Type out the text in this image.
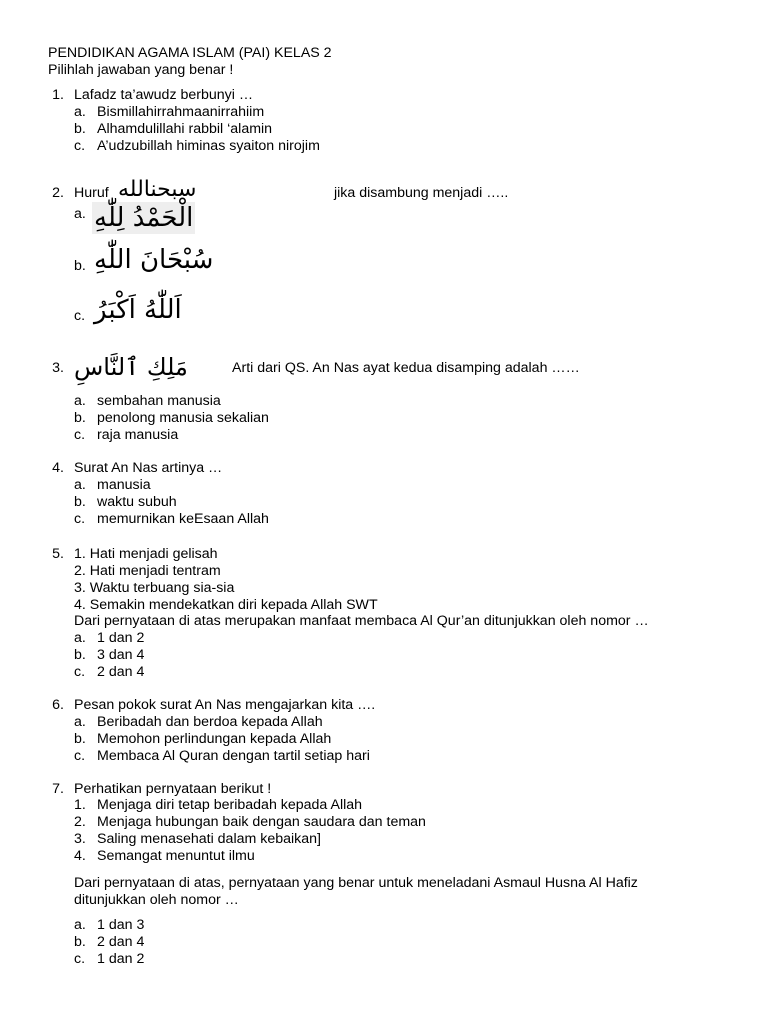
PENDIDIKAN AGAMA ISLAM (PAI) KELAS 2
Pilihlah jawaban yang benar !
1. Lafadz ta’awudz berbunyi …
a. Bismillahirrahmaanirrahiim
b. Alhamdulillahi rabbil ‘alamin
c. A’udzubillah himinas syaiton nirojim
2. Huruf سبحنالله	jika disambung menjadi …..
a. الْحَمْدُ لِلّٰهِ
b. سُبْحَانَ اللّٰهِ
c. اَللّٰهُ اَكْبَرُ
3. مَلِكِ ٱلنَّاسِ	Arti dari QS. An Nas ayat kedua disamping adalah ……
a. sembahan manusia
b. penolong manusia sekalian
c. raja manusia
4. Surat An Nas artinya …
a. manusia
b. waktu subuh
c. memurnikan keEsaan Allah
5. 1. Hati menjadi gelisah
2. Hati menjadi tentram
3. Waktu terbuang sia-sia
4. Semakin mendekatkan diri kepada Allah SWT
Dari pernyataan di atas merupakan manfaat membaca Al Qur’an ditunjukkan oleh nomor …
a. 1 dan 2
b. 3 dan 4
c. 2 dan 4
6. Pesan pokok surat An Nas mengajarkan kita ….
a. Beribadah dan berdoa kepada Allah
b. Memohon perlindungan kepada Allah
c. Membaca Al Quran dengan tartil setiap hari
7. Perhatikan pernyataan berikut !
1. Menjaga diri tetap beribadah kepada Allah
2. Menjaga hubungan baik dengan saudara dan teman
3. Saling menasehati dalam kebaikan]
4. Semangat menuntut ilmu
Dari pernyataan di atas, pernyataan yang benar untuk meneladani Asmaul Husna Al Hafiz
ditunjukkan oleh nomor …
a. 1 dan 3
b. 2 dan 4
c. 1 dan 2
